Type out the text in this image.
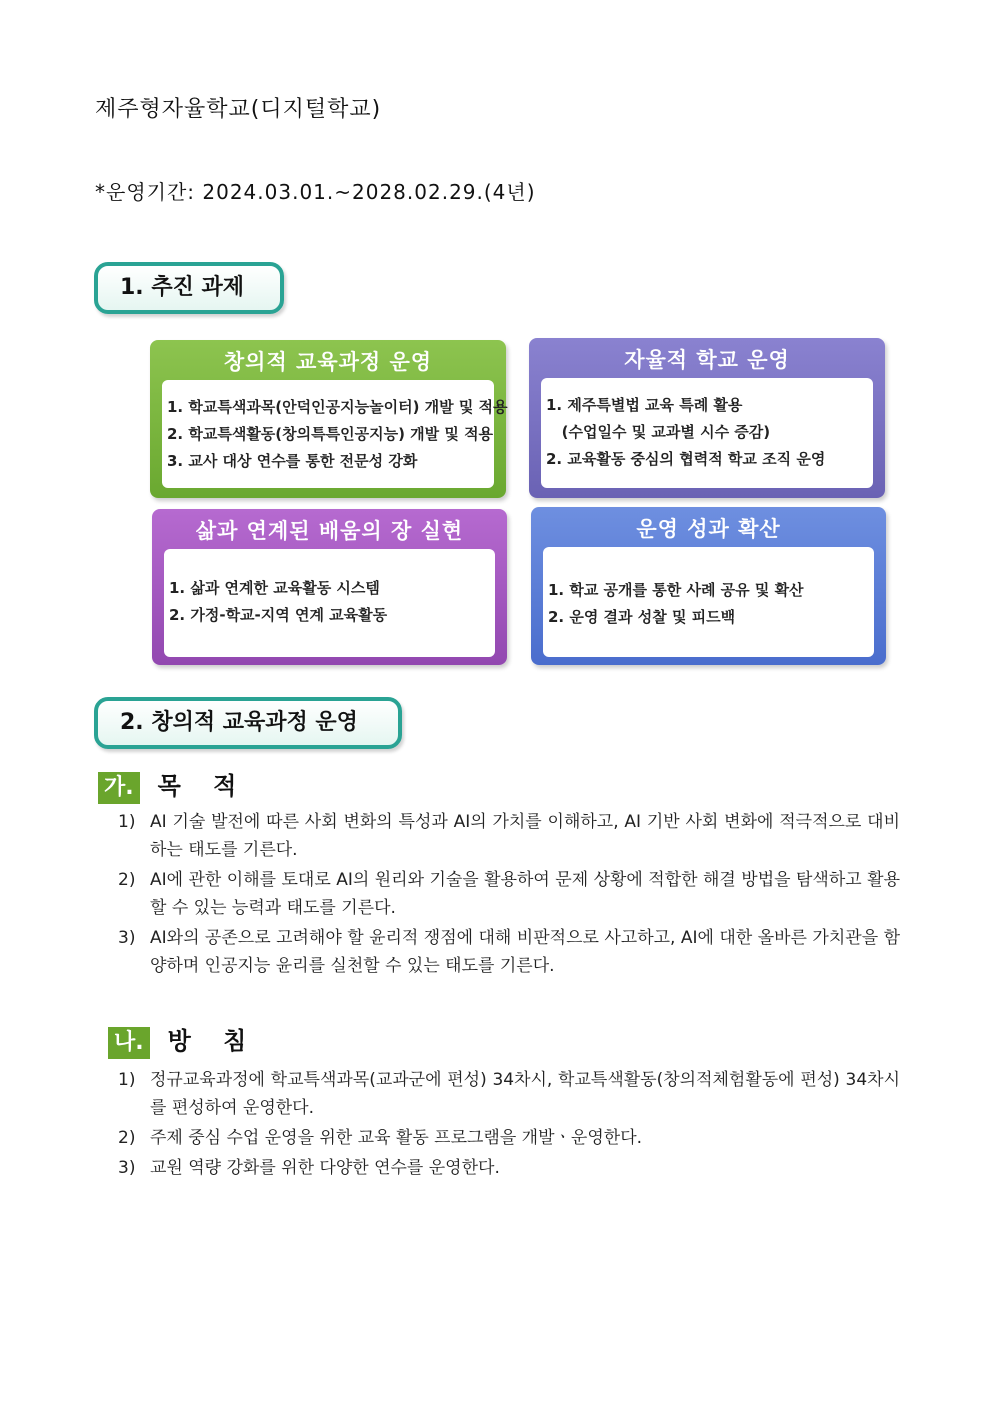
제주형자율학교(디지털학교)
*운영기간: 2024.03.01.~2028.02.29.(4년)
1. 추진 과제
창의적 교육과정 운영
1. 학교특색과목(안덕인공지능놀이터) 개발 및 적용
2. 학교특색활동(창의특특인공지능) 개발 및 적용
3. 교사 대상 연수를 통한 전문성 강화
자율적 학교 운영
1. 제주특별법 교육 특례 활용
(수업일수 및 교과별 시수 증감)
2. 교육활동 중심의 협력적 학교 조직 운영
삶과 연계된 배움의 장 실현
1. 삶과 연계한 교육활동 시스템
2. 가정-학교-지역 연계 교육활동
운영 성과 확산
1. 학교 공개를 통한 사례 공유 및 확산
2. 운영 결과 성찰 및 피드백
2. 창의적 교육과정 운영
가. 목 적
1) AI 기술 발전에 따른 사회 변화의 특성과 AI의 가치를 이해하고, AI 기반 사회 변화에 적극적으로 대비하는 태도를 기른다.
2) AI에 관한 이해를 토대로 AI의 원리와 기술을 활용하여 문제 상황에 적합한 해결 방법을 탐색하고 활용할 수 있는 능력과 태도를 기른다.
3) AI와의 공존으로 고려해야 할 윤리적 쟁점에 대해 비판적으로 사고하고, AI에 대한 올바른 가치관을 함양하며 인공지능 윤리를 실천할 수 있는 태도를 기른다.
나. 방 침
1) 정규교육과정에 학교특색과목(교과군에 편성) 34차시, 학교특색활동(창의적체험활동에 편성) 34차시를 편성하여 운영한다.
2) 주제 중심 수업 운영을 위한 교육 활동 프로그램을 개발ㆍ운영한다.
3) 교원 역량 강화를 위한 다양한 연수를 운영한다.
